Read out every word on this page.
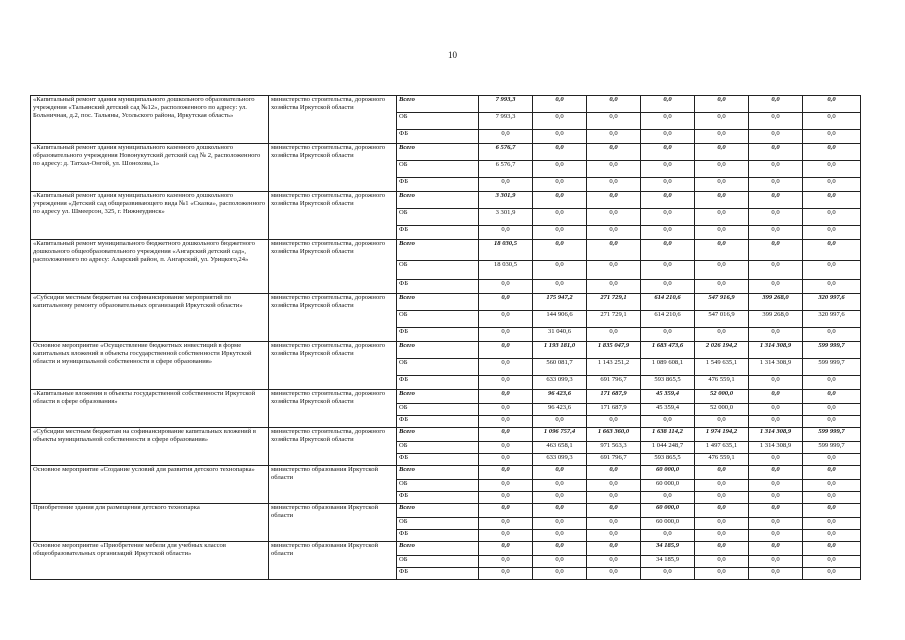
10
«Капитальный ремонт здания муниципального дошкольного образовательного учреждения «Тальянский детский сад №12», расположенного по адресу: ул. Больничная, д.2, пос. Тальяны, Усольского района, Иркутская область»	министерство строительства, дорожного хозяйства Иркутской области	Всего	7 993,3	0,0	0,0	0,0	0,0	0,0	0,0
		ОБ	7 993,3	0,0	0,0	0,0	0,0	0,0	0,0
		ФБ	0,0	0,0	0,0	0,0	0,0	0,0	0,0
«Капитальный ремонт здания муниципального казенного дошкольного образовательного учреждения Новонукутский детский сад № 2, расположенного по адресу: д. Татхал-Онгой, ул. Шонохова,1»	министерство строительства, дорожного хозяйства Иркутской области	Всего	6 576,7	0,0	0,0	0,0	0,0	0,0	0,0
		ОБ	6 576,7	0,0	0,0	0,0	0,0	0,0	0,0
		ФБ	0,0	0,0	0,0	0,0	0,0	0,0	0,0
«Капитальный ремонт здания муниципального казенного дошкольного учреждения «Детский сад общеразвивающего вида №1 «Сказка», расположенного по адресу ул. Шмеерсон, 325, г. Нижнеудинск»	министерство строительства, дорожного хозяйства Иркутской области	Всего	3 301,9	0,0	0,0	0,0	0,0	0,0	0,0
		ОБ	3 301,9	0,0	0,0	0,0	0,0	0,0	0,0
		ФБ	0,0	0,0	0,0	0,0	0,0	0,0	0,0
«Капитальный ремонт муниципального бюджетного дошкольного бюджетного дошкольного общеобразовательного учреждения «Ангарский детский сад», расположенного по адресу: Аларский район, п. Ангарский, ул. Урицкого,24»	министерство строительства, дорожного хозяйства Иркутской области	Всего	18 030,5	0,0	0,0	0,0	0,0	0,0	0,0
		ОБ	18 030,5	0,0	0,0	0,0	0,0	0,0	0,0
		ФБ	0,0	0,0	0,0	0,0	0,0	0,0	0,0
«Субсидии местным бюджетам на софинансирование мероприятий по капитальному ремонту образовательных организаций Иркутской области»	министерство строительства, дорожного хозяйства Иркутской области	Всего	0,0	175 947,2	271 729,1	614 210,6	547 916,9	399 268,0	320 997,6
		ОБ	0,0	144 906,6	271 729,1	614 210,6	547 016,9	399 268,0	320 997,6
		ФБ	0,0	31 040,6	0,0	0,0	0,0	0,0	0,0
Основное мероприятие «Осуществление бюджетных инвестиций в форме капитальных вложений в объекты государственной собственности Иркутской области и муниципальной собственности в сфере образования»	министерство строительства, дорожного хозяйства Иркутской области	Всего	0,0	1 193 181,0	1 835 047,9	1 683 473,6	2 026 194,2	1 314 308,9	599 999,7
		ОБ	0,0	560 081,7	1 143 251,2	1 089 608,1	1 549 635,1	1 314 308,9	599 999,7
		ФБ	0,0	633 099,3	691 796,7	593 865,5	476 559,1	0,0	0,0
«Капитальные вложения в объекты государственной собственности Иркутской области в сфере образования»	министерство строительства, дорожного хозяйства Иркутской области	Всего	0,0	96 423,6	171 687,9	45 359,4	52 000,0	0,0	0,0
		ОБ	0,0	96 423,6	171 687,9	45 359,4	52 000,0	0,0	0,0
		ФБ	0,0	0,0	0,0	0,0	0,0	0,0	0,0
«Субсидии местным бюджетам на софинансирование капитальных вложений в объекты муниципальной собственности в сфере образования»	министерство строительства, дорожного хозяйства Иркутской области	Всего	0,0	1 096 757,4	1 663 360,0	1 638 114,2	1 974 194,2	1 314 308,9	599 999,7
		ОБ	0,0	463 658,1	971 563,3	1 044 248,7	1 497 635,1	1 314 308,9	599 999,7
		ФБ	0,0	633 099,3	691 796,7	593 865,5	476 559,1	0,0	0,0
Основное мероприятие «Создание условий для развития детского технопарка»	министерство образования Иркутской области	Всего	0,0	0,0	0,0	60 000,0	0,0	0,0	0,0
		ОБ	0,0	0,0	0,0	60 000,0	0,0	0,0	0,0
		ФБ	0,0	0,0	0,0	0,0	0,0	0,0	0,0
Приобретение здания для размещения детского технопарка	министерство образования Иркутской области	Всего	0,0	0,0	0,0	60 000,0	0,0	0,0	0,0
		ОБ	0,0	0,0	0,0	60 000,0	0,0	0,0	0,0
		ФБ	0,0	0,0	0,0	0,0	0,0	0,0	0,0
Основное мероприятие «Приобретение мебели для учебных классов общеобразовательных организаций Иркутской области»	министерство образования Иркутской области	Всего	0,0	0,0	0,0	34 185,9	0,0	0,0	0,0
		ОБ	0,0	0,0	0,0	34 185,9	0,0	0,0	0,0
		ФБ	0,0	0,0	0,0	0,0	0,0	0,0	0,0
